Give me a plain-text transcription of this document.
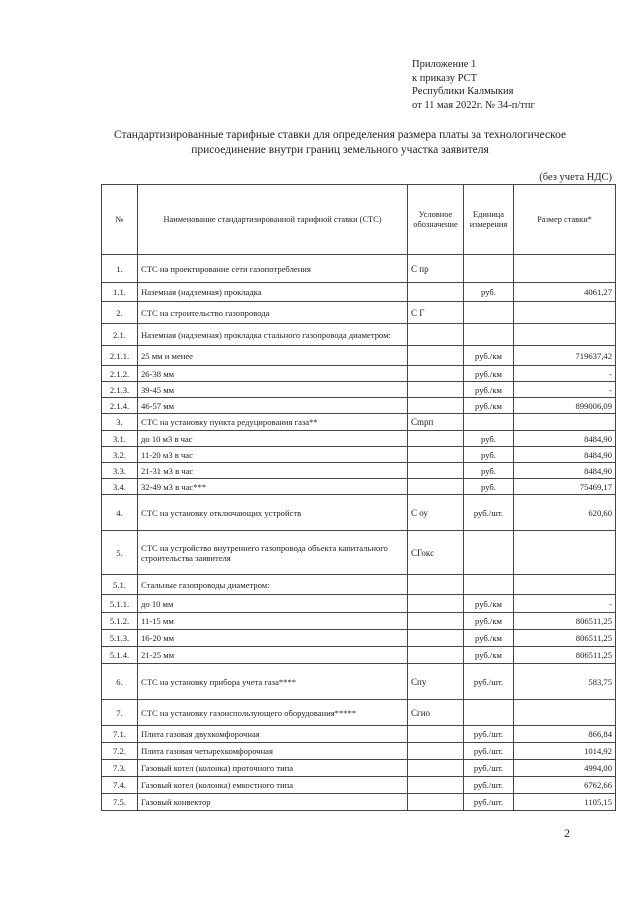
Приложение 1
к приказу РСТ
Республики Калмыкия
от 11 мая 2022г. № 34-п/тпг
Стандартизированные тарифные ставки для определения размера платы за технологическое
присоединение внутри границ земельного участка заявителя
(без учета НДС)
№	Наименование стандартизированной тарифной ставки (СТС)	Условное обозначение	Единица измерения	Размер ставки*
1.	СТС на проектирование сети газопотребления	С пр		
1.1.	Наземная (надземная) прокладка		руб.	4061,27
2.	СТС на строительство газопровода	С Г		
2.1.	Наземная (надземная) прокладка стального газопровода диаметром:			
2.1.1.	25 мм и менее		руб./км	719637,42
2.1.2.	26-38 мм		руб./км	-
2.1.3.	39-45 мм		руб./км	-
2.1.4.	46-57 мм		руб./км	899006,09
3.	СТС на установку пункта редуцирования газа**	Сmрп		
3.1.	до 10 м3 в час		руб.	8484,90
3.2.	11-20 м3 в час		руб.	8484,90
3.3.	21-31 м3 в час		руб.	8484,90
3.4.	32-49 м3 в час***		руб.	75469,17
4.	СТС на установку отключающих устройств	С оу	руб./шт.	620,60
5.	СТС на устройство внутреннего газопровода объекта капитального строительства заявителя	СГокс		
5.1.	Стальные газопроводы диаметром:			
5.1.1.	до 10 мм		руб./км	-
5.1.2.	11-15 мм		руб./км	806511,25
5.1.3.	16-20 мм		руб./км	806511,25
5.1.4.	21-25 мм		руб./км	806511,25
6.	СТС на установку прибора учета газа****	Спу	руб./шт.	583,75
7.	СТС на установку газоиспользующего оборудования*****	Сгио		
7.1.	Плита газовая двухкомфорочная		руб./шт.	866,84
7.2.	Плита газовая четырехкомфорочная		руб./шт.	1014,92
7.3.	Газовый котел (колонка) проточного типа		руб./шт.	4994,00
7.4.	Газовый котел (колонка) емкостного типа		руб./шт.	6762,66
7.5.	Газовый конвектор		руб./шт.	1105,15
2
